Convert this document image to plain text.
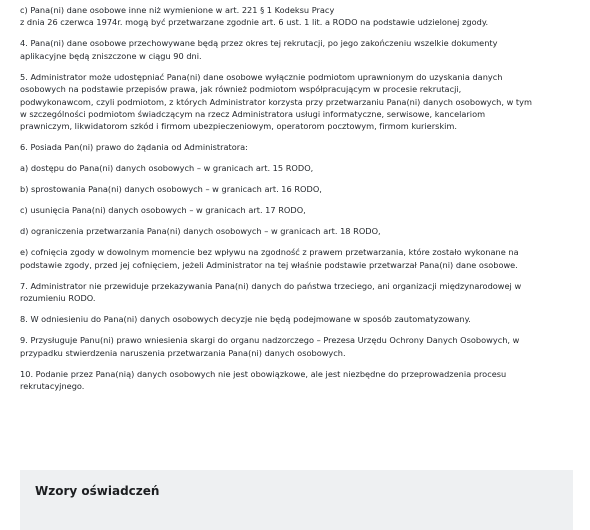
c) Pana(ni) dane osobowe inne niż wymienione w art. 221 § 1 Kodeksu Pracy
z dnia 26 czerwca 1974r. mogą być przetwarzane zgodnie art. 6 ust. 1 lit. a RODO na podstawie udzielonej zgody.

4. Pana(ni) dane osobowe przechowywane będą przez okres tej rekrutacji, po jego zakończeniu wszelkie dokumenty
aplikacyjne będą zniszczone w ciągu 90 dni.

5. Administrator może udostępniać Pana(ni) dane osobowe wyłącznie podmiotom uprawnionym do uzyskania danych
osobowych na podstawie przepisów prawa, jak również podmiotom współpracującym w procesie rekrutacji,
podwykonawcom, czyli podmiotom, z których Administrator korzysta przy przetwarzaniu Pana(ni) danych osobowych, w tym
w szczególności podmiotom świadczącym na rzecz Administratora usługi informatyczne, serwisowe, kancelariom
prawniczym, likwidatorom szkód i firmom ubezpieczeniowym, operatorom pocztowym, firmom kurierskim.

6. Posiada Pan(ni) prawo do żądania od Administratora:

a) dostępu do Pana(ni) danych osobowych – w granicach art. 15 RODO,

b) sprostowania Pana(ni) danych osobowych – w granicach art. 16 RODO,

c) usunięcia Pana(ni) danych osobowych – w granicach art. 17 RODO,

d) ograniczenia przetwarzania Pana(ni) danych osobowych – w granicach art. 18 RODO,

e) cofnięcia zgody w dowolnym momencie bez wpływu na zgodność z prawem przetwarzania, które zostało wykonane na
podstawie zgody, przed jej cofnięciem, jeżeli Administrator na tej właśnie podstawie przetwarzał Pana(ni) dane osobowe.

7. Administrator nie przewiduje przekazywania Pana(ni) danych do państwa trzeciego, ani organizacji międzynarodowej w
rozumieniu RODO.

8. W odniesieniu do Pana(ni) danych osobowych decyzje nie będą podejmowane w sposób zautomatyzowany.

9. Przysługuje Panu(ni) prawo wniesienia skargi do organu nadzorczego – Prezesa Urzędu Ochrony Danych Osobowych, w
przypadku stwierdzenia naruszenia przetwarzania Pana(ni) danych osobowych.

10. Podanie przez Pana(nią) danych osobowych nie jest obowiązkowe, ale jest niezbędne do przeprowadzenia procesu
rekrutacyjnego.

Wzory oświadczeń
